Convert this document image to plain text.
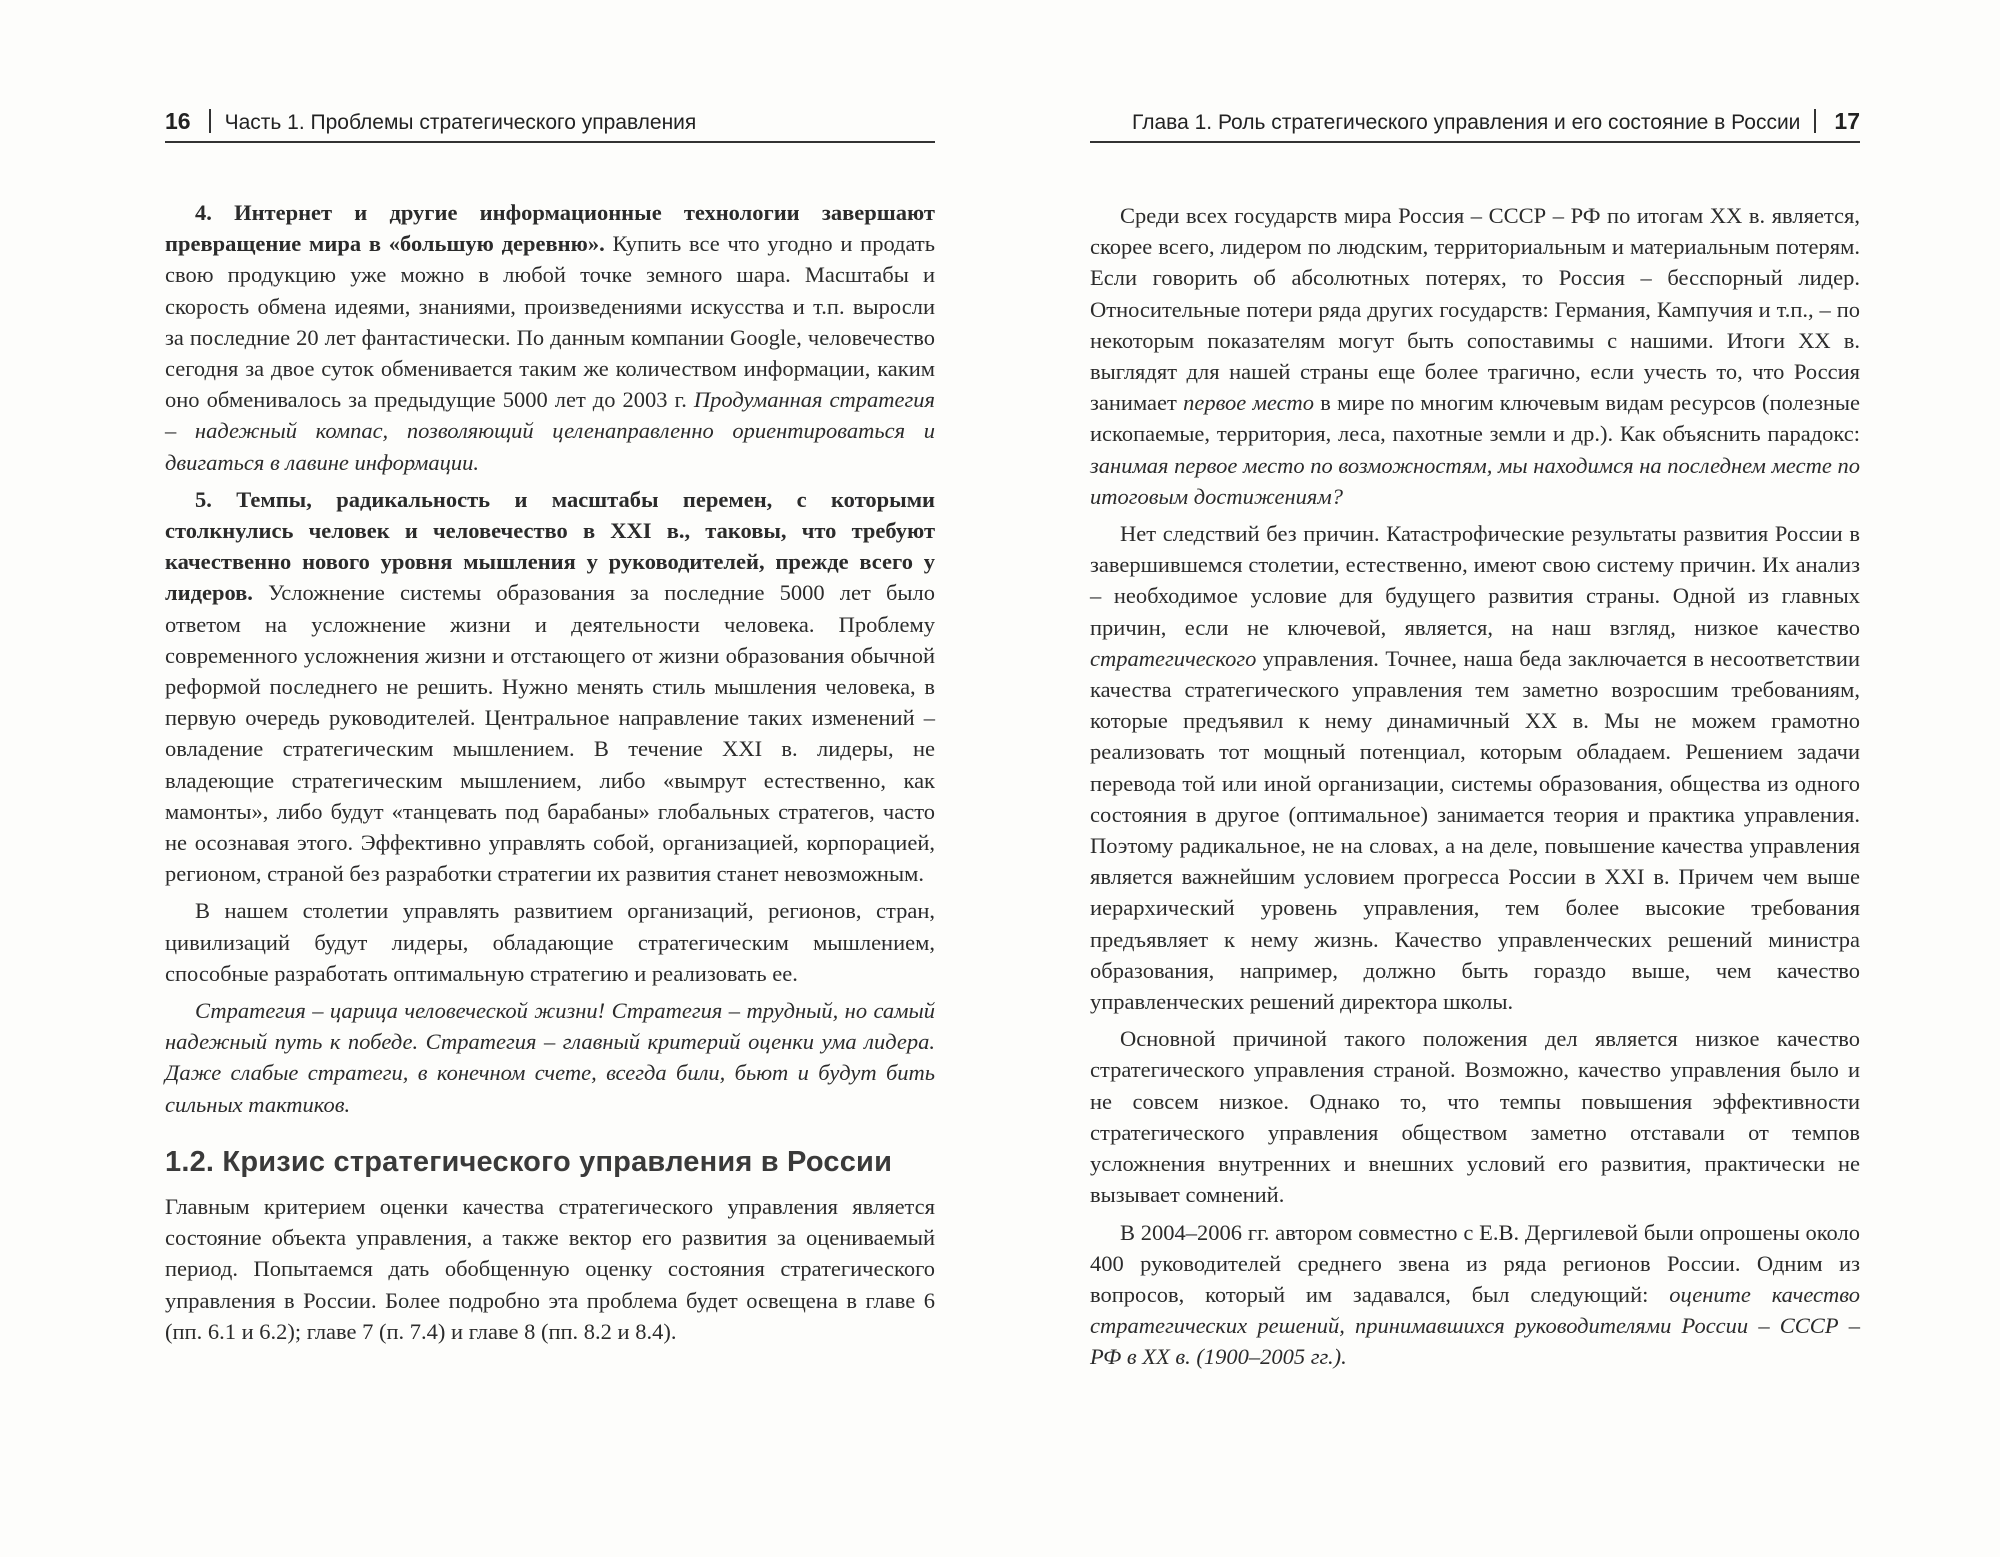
16 Часть 1. Проблемы стратегического управления

4. Интернет и другие информационные технологии завершают превращение мира в «большую деревню». Купить все что угодно и продать свою продукцию уже можно в любой точке земного шара. Масштабы и скорость обмена идеями, знаниями, произведениями искусства и т.п. выросли за последние 20 лет фантастически. По данным компании Google, человечество сегодня за двое суток обменивается таким же количеством информации, каким оно обменивалось за предыдущие 5000 лет до 2003 г. Продуманная стратегия – надежный компас, позволяющий целенаправленно ориентироваться и двигаться в лавине информации.

5. Темпы, радикальность и масштабы перемен, с которыми столкнулись человек и человечество в XXI в., таковы, что требуют качественно нового уровня мышления у руководителей, прежде всего у лидеров. Усложнение системы образования за последние 5000 лет было ответом на усложнение жизни и деятельности человека. Проблему современного усложнения жизни и отстающего от жизни образования обычной реформой последнего не решить. Нужно менять стиль мышления человека, в первую очередь руководителей. Центральное направление таких изменений – овладение стратегическим мышлением. В течение XXI в. лидеры, не владеющие стратегическим мышлением, либо «вымрут естественно, как мамонты», либо будут «танцевать под барабаны» глобальных стратегов, часто не осознавая этого. Эффективно управлять собой, организацией, корпорацией, регионом, страной без разработки стратегии их развития станет невозможным.

В нашем столетии управлять развитием организаций, регионов, стран, цивилизаций будут лидеры, обладающие стратегическим мышлением, способные разработать оптимальную стратегию и реализовать ее.

Стратегия – царица человеческой жизни! Стратегия – трудный, но самый надежный путь к победе. Стратегия – главный критерий оценки ума лидера. Даже слабые стратеги, в конечном счете, всегда били, бьют и будут бить сильных тактиков.

1.2. Кризис стратегического управления в России

Главным критерием оценки качества стратегического управления является состояние объекта управления, а также вектор его развития за оцениваемый период. Попытаемся дать обобщенную оценку состояния стратегического управления в России. Более подробно эта проблема будет освещена в главе 6 (пп. 6.1 и 6.2); главе 7 (п. 7.4) и главе 8 (пп. 8.2 и 8.4).

Глава 1. Роль стратегического управления и его состояние в России 17

Среди всех государств мира Россия – СССР – РФ по итогам XX в. является, скорее всего, лидером по людским, территориальным и материальным потерям. Если говорить об абсолютных потерях, то Россия – бесспорный лидер. Относительные потери ряда других государств: Германия, Кампучия и т.п., – по некоторым показателям могут быть сопоставимы с нашими. Итоги XX в. выглядят для нашей страны еще более трагично, если учесть то, что Россия занимает первое место в мире по многим ключевым видам ресурсов (полезные ископаемые, территория, леса, пахотные земли и др.). Как объяснить парадокс: занимая первое место по возможностям, мы находимся на последнем месте по итоговым достижениям?

Нет следствий без причин. Катастрофические результаты развития России в завершившемся столетии, естественно, имеют свою систему причин. Их анализ – необходимое условие для будущего развития страны. Одной из главных причин, если не ключевой, является, на наш взгляд, низкое качество стратегического управления. Точнее, наша беда заключается в несоответствии качества стратегического управления тем заметно возросшим требованиям, которые предъявил к нему динамичный XX в. Мы не можем грамотно реализовать тот мощный потенциал, которым обладаем. Решением задачи перевода той или иной организации, системы образования, общества из одного состояния в другое (оптимальное) занимается теория и практика управления. Поэтому радикальное, не на словах, а на деле, повышение качества управления является важнейшим условием прогресса России в XXI в. Причем чем выше иерархический уровень управления, тем более высокие требования предъявляет к нему жизнь. Качество управленческих решений министра образования, например, должно быть гораздо выше, чем качество управленческих решений директора школы.

Основной причиной такого положения дел является низкое качество стратегического управления страной. Возможно, качество управления было и не совсем низкое. Однако то, что темпы повышения эффективности стратегического управления обществом заметно отставали от темпов усложнения внутренних и внешних условий его развития, практически не вызывает сомнений.

В 2004–2006 гг. автором совместно с Е.В. Дергилевой были опрошены около 400 руководителей среднего звена из ряда регионов России. Одним из вопросов, который им задавался, был следующий: оцените качество стратегических решений, принимавшихся руководителями России – СССР – РФ в XX в. (1900–2005 гг.).
